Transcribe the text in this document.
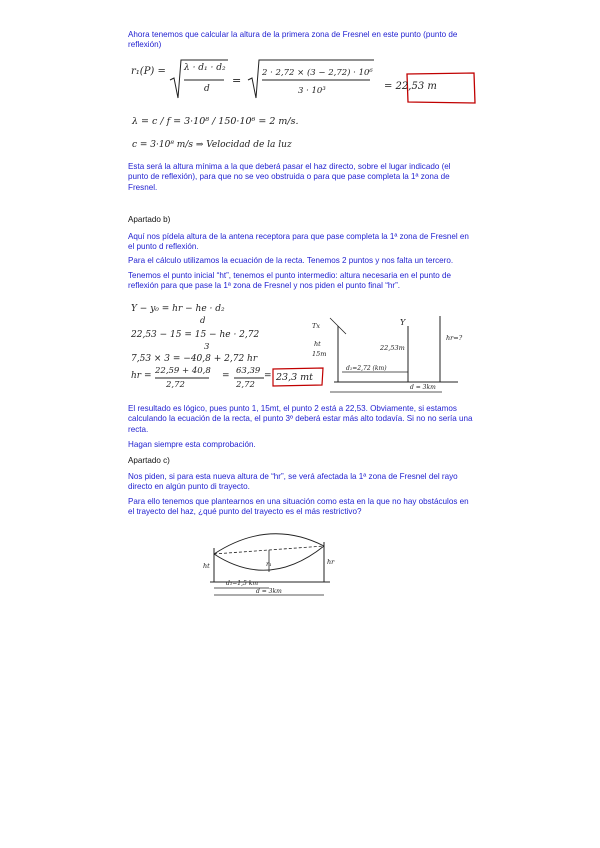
Ahora tenemos que calcular la altura de la primera zona de Fresnel en este punto (punto de reflexión)

r₁(P) = λ · d₁ · d₂
d
=
2 · 2,72 × (3 − 2,72) · 10⁶
3 · 10³	= 22,53 m
λ = c / f = 3·10⁸ / 150·10⁶ = 2 m/s.
c = 3·10⁸ m/s ⇒ Velocidad de la luz

Esta será la altura mínima a la que deberá pasar el haz directo, sobre el lugar indicado (el punto de reflexión), para que no se veo obstruida o para que pase completa la 1ª zona de Fresnel.

Apartado b)

Aquí nos pídela altura de la antena receptora para que pase completa la 1ª zona de Fresnel en el punto d reflexión.

Para el cálculo utilizamos la ecuación de la recta. Tenemos 2 puntos y nos falta un tercero.

Tenemos el punto inicial “ht”, tenemos el punto intermedio: altura necesaria en el punto de reflexión para que pase la 1ª zona de Fresnel y nos piden el punto final “hr”.

Y − y₀ = hr − he · d₂
d
22,53 − 15 = 15 − he · 2,72
3
7,53 × 3 = −40,8 + 2,72 hr
hr = 22,59 + 40,8
2,72
= 63,39
2,72
= 23,3 mt
Tx
ht
15m
Y
22,53m
hr=?
d₁=2,72 (km)
d = 3km

El resultado es lógico, pues punto 1, 15mt, el punto 2 está a 22,53. Obviamente, si estamos calculando la ecuación de la recta, el punto 3º deberá estar más alto todavía. Si no no sería una recta.

Hagan siempre esta comprobación.

Apartado c)

Nos piden, si para esta nueva altura de “hr”, se verá afectada la 1ª zona de Fresnel del rayo directo en algún punto di trayecto.

Para ello tenemos que plantearnos en una situación como esta en la que no hay obstáculos en el trayecto del haz, ¿qué punto del trayecto es el más restrictivo?

ht	hr
r₁
d₁=1,5 km
d = 3km
